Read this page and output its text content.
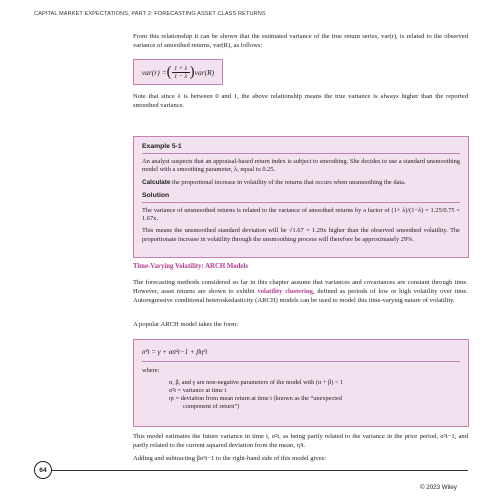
CAPITAL MARKET EXPECTATIONS, PART 2: FORECASTING ASSET CLASS RETURNS

From this relationship it can be shown that the estimated variance of the true return series, var(r), is related to the observed variance of smoothed returns, var(R), as follows:

var(r) = ( $\frac{1 + \lambda}{1 - \lambda}$ ) var(R)

Note that since λ is between 0 and 1, the above relationship means the true variance is always higher than the reported smoothed variance.

Example 5-1

An analyst suspects that an appraisal-based return index is subject to smoothing. She decides to use a standard unsmoothing model with a smoothing parameter, λ, equal to 0.25.

Calculate the proportional increase in volatility of the returns that occurs when unsmoothing the data.

Solution

The variance of unsmoothed returns is related to the variance of smoothed returns by a factor of (1+ λ)/(1−λ) = 1.25/0.75 = 1.67x.

This means the unsmoothed standard deviation will be √1.67 = 1.29x higher than the observed smoothed volatility. The proportionate increase in volatility through the unsmoothing process will therefore be approximately 29%.

Time-Varying Volatility: ARCH Models

The forecasting methods considered so far in this chapter assume that variances and covariances are constant through time. However, asset returns are shown to exhibit volatility clustering, defined as periods of low or high volatility over time. Autoregressive conditional heteroskedasticity (ARCH) models can be used to model this time-varying nature of volatility.

A popular ARCH model takes the form:

σ²t = γ + ασ²t−1 + βη²t
where:
α, β, and γ are non-negative parameters of the model with (α + β) < 1
σ²t = variance at time t
ηt = deviation from mean return at time t (known as the “unexpected
component of return”)

This model estimates the future variance in time t, σ²t, as being partly related to the variance in the prior period, σ²t−1, and partly related to the current squared deviation from the mean, η²t.

Adding and subtracting βσ²t−1 to the right-hand side of this model gives:

64
© 2023 Wiley
